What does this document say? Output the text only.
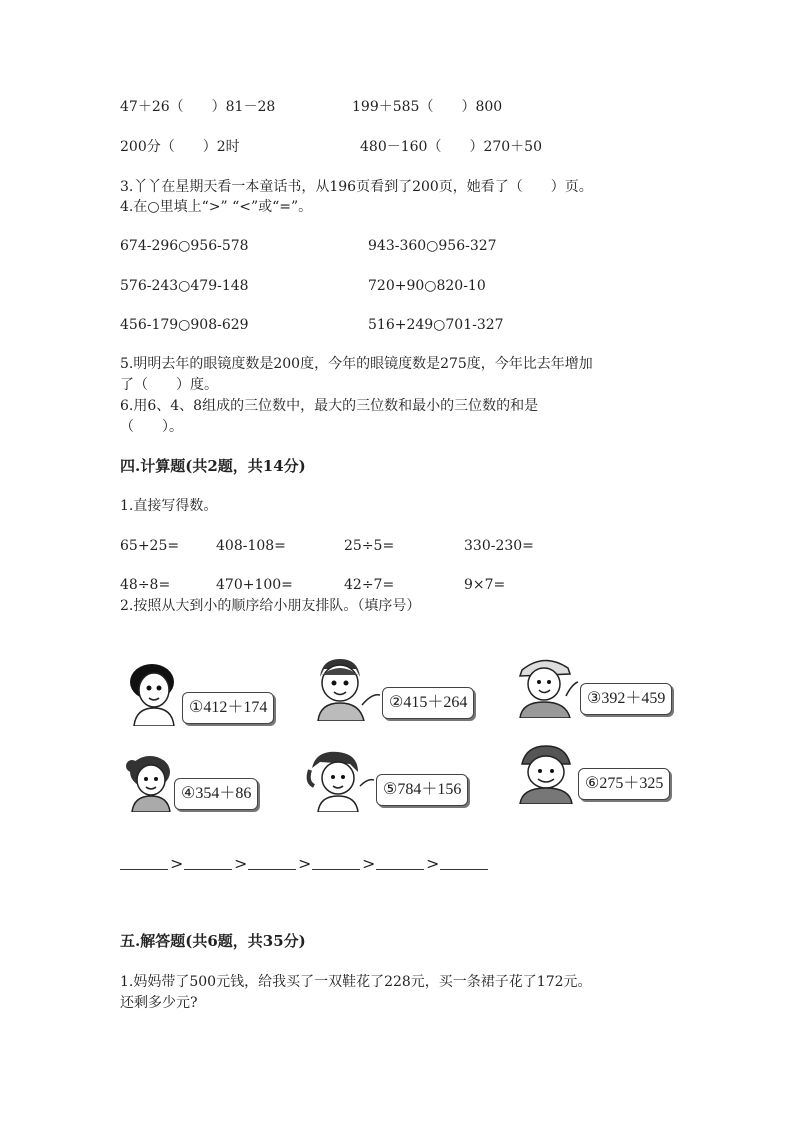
47＋26（　　）81－28	199＋585（　　）800
200分（　　）2时	480－160（　　）270＋50
3.丫丫在星期天看一本童话书，从196页看到了200页，她看了（　　）页。
4.在○里填上“>” “<”或“=”。
674-296○956-578	943-360○956-327
576-243○479-148	720+90○820-10
456-179○908-629	516+249○701-327
5.明明去年的眼镜度数是200度，今年的眼镜度数是275度，今年比去年增加
了（　　）度。
6.用6、4、8组成的三位数中，最大的三位数和最小的三位数的和是
（　　）。
四.计算题(共2题，共14分)
1.直接写得数。
65+25=	408-108=	25÷5=	330-230=
48÷8=	470+100=	42÷7=	9×7=
2.按照从大到小的顺序给小朋友排队。（填序号）
①412＋174	②415＋264	③392＋459
④354＋86	⑤784＋156	⑥275＋325
>	>	>	>	>
五.解答题(共6题，共35分)
1.妈妈带了500元钱，给我买了一双鞋花了228元，买一条裙子花了172元。
还剩多少元?
